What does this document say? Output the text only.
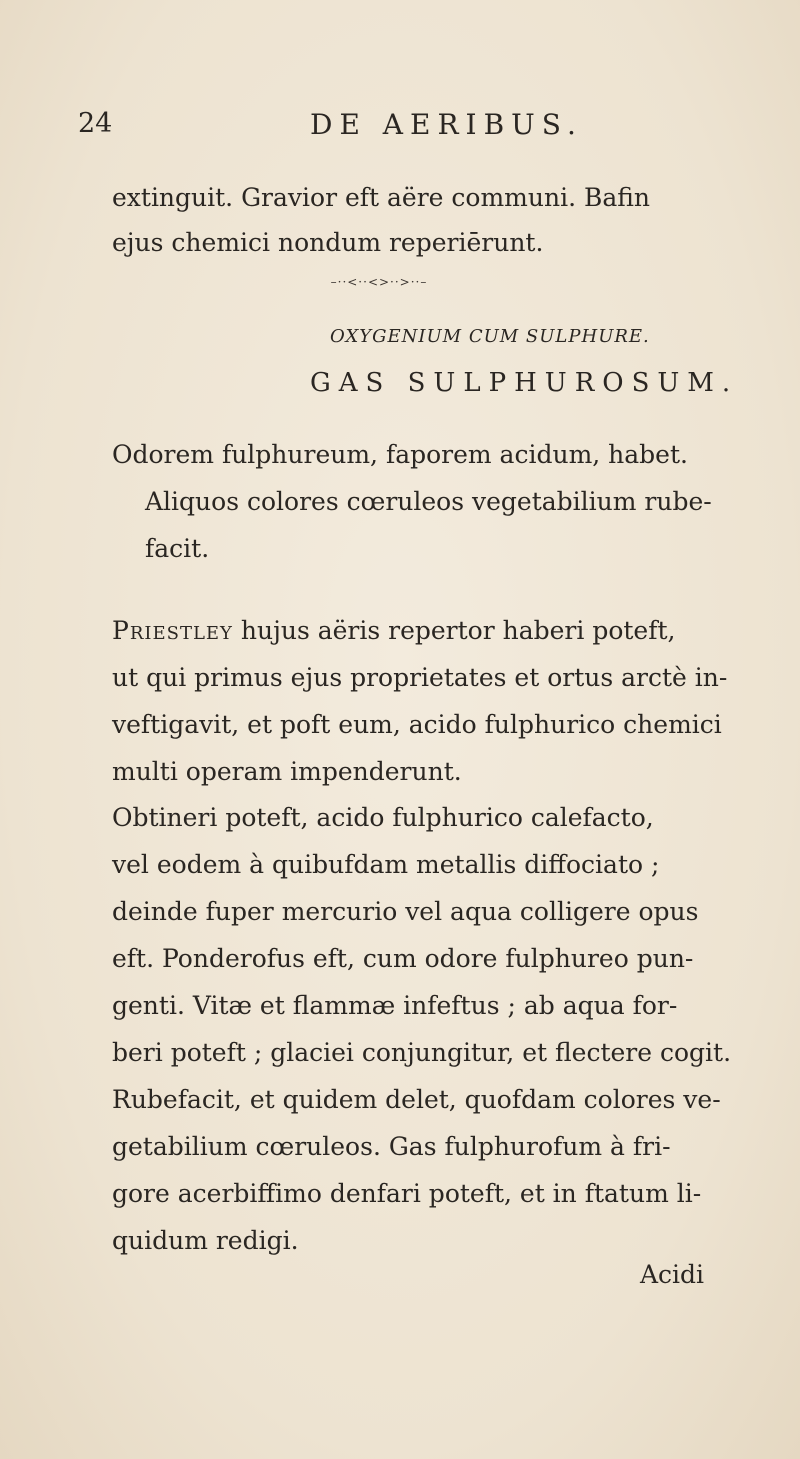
24	DE AERIBUS.
extinguit. Gravior eft aëre communi. Bafin
ejus chemici nondum reperiērunt.
–··<··<>··>··–
OXYGENIUM CUM SULPHURE.
GAS SULPHUROSUM.
Odorem fulphureum, faporem acidum, habet.
Aliquos colores cœruleos vegetabilium rube-
facit.
Priestley hujus aëris repertor haberi poteft,
ut qui primus ejus proprietates et ortus arctè in-
veftigavit, et poft eum, acido fulphurico chemici
multi operam impenderunt.
Obtineri poteft, acido fulphurico calefacto,
vel eodem à quibufdam metallis diffociato ;
deinde fuper mercurio vel aqua colligere opus
eft. Ponderofus eft, cum odore fulphureo pun-
genti. Vitæ et flammæ infeftus ; ab aqua for-
beri poteft ; glaciei conjungitur, et flectere cogit.
Rubefacit, et quidem delet, quofdam colores ve-
getabilium cœruleos. Gas fulphurofum à fri-
gore acerbiffimo denfari poteft, et in ftatum li-
quidum redigi.
Acidi
